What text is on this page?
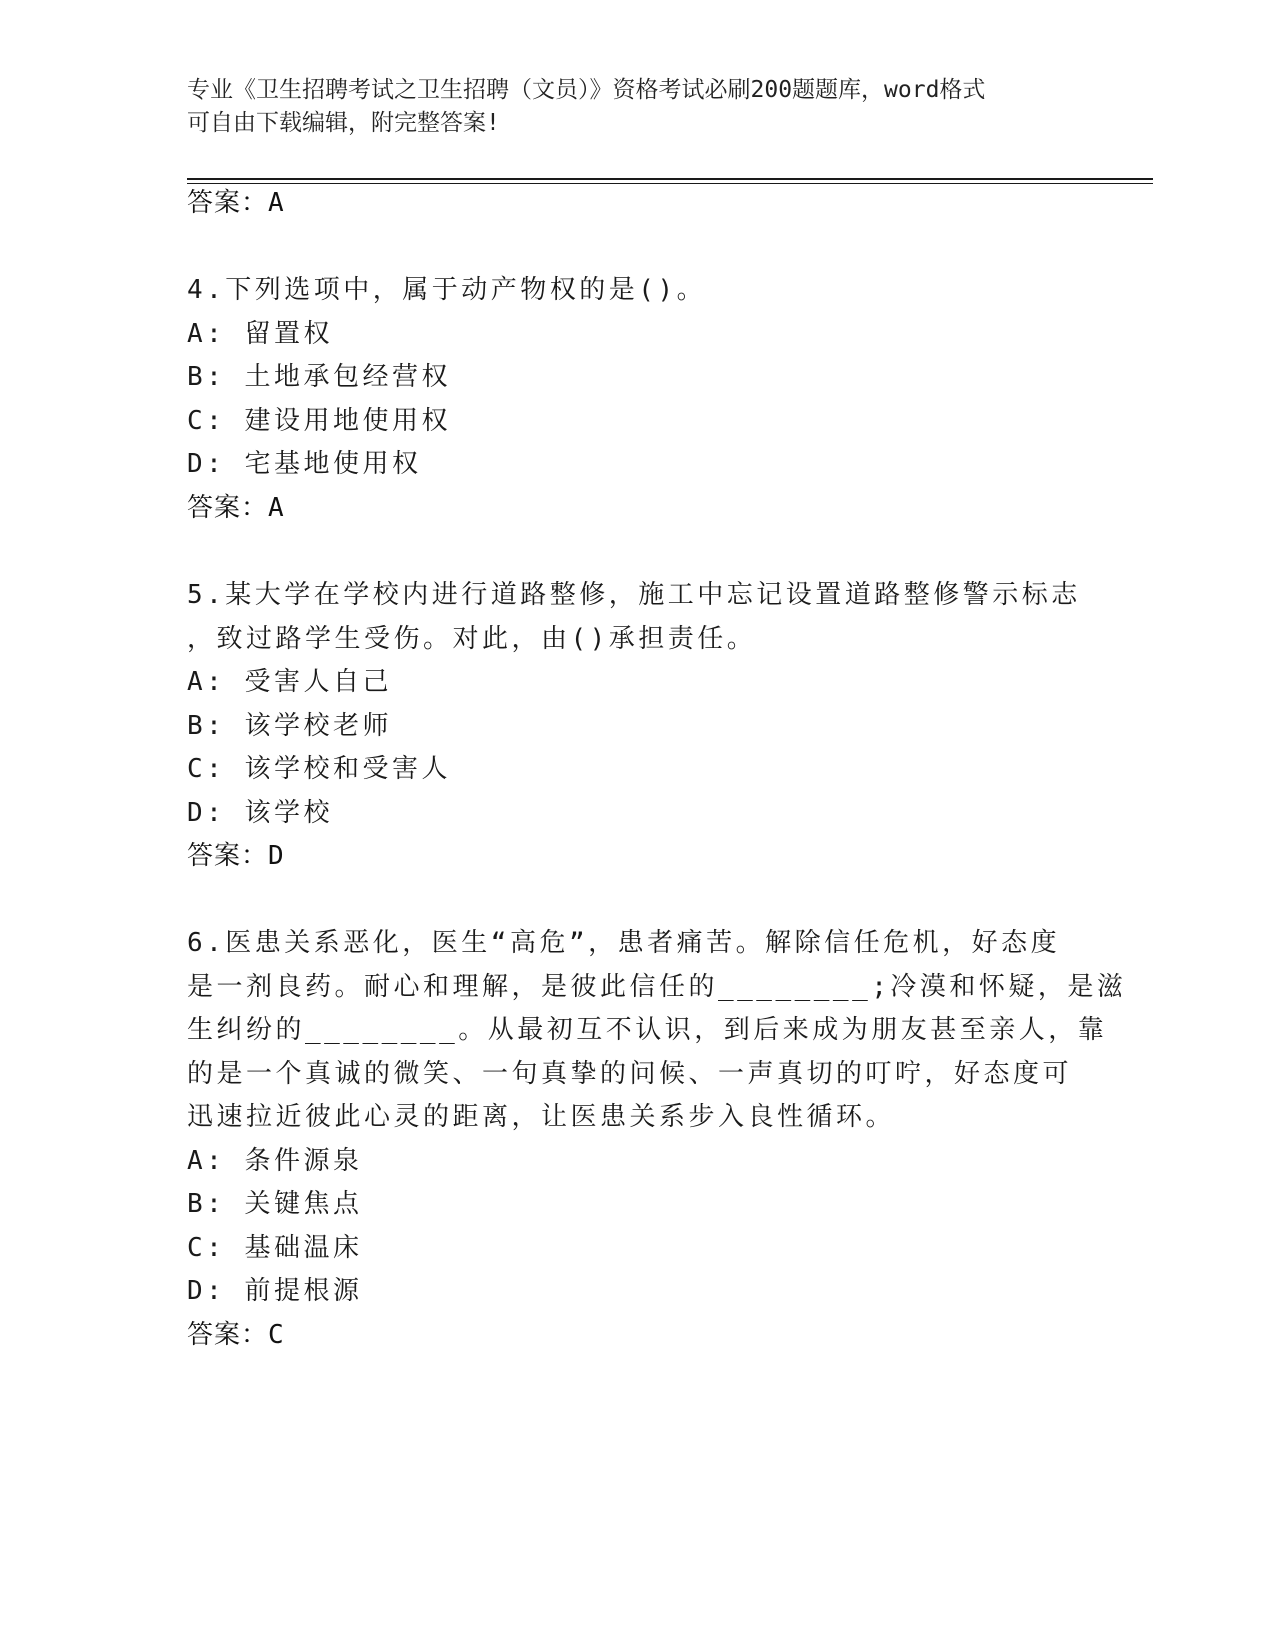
专业《卫生招聘考试之卫生招聘（文员）》资格考试必刷200题题库，word格式
可自由下载编辑，附完整答案!
答案：A
4.下列选项中，属于动产物权的是()。
A: 留置权
B: 土地承包经营权
C: 建设用地使用权
D: 宅基地使用权
答案：A
5.某大学在学校内进行道路整修，施工中忘记设置道路整修警示标志
，致过路学生受伤。对此，由()承担责任。
A: 受害人自己
B: 该学校老师
C: 该学校和受害人
D: 该学校
答案：D
6.医患关系恶化，医生“高危”，患者痛苦。解除信任危机，好态度
是一剂良药。耐心和理解，是彼此信任的________;冷漠和怀疑，是滋
生纠纷的________。从最初互不认识，到后来成为朋友甚至亲人，靠
的是一个真诚的微笑、一句真挚的问候、一声真切的叮咛，好态度可
迅速拉近彼此心灵的距离，让医患关系步入良性循环。
A: 条件源泉
B: 关键焦点
C: 基础温床
D: 前提根源
答案：C
